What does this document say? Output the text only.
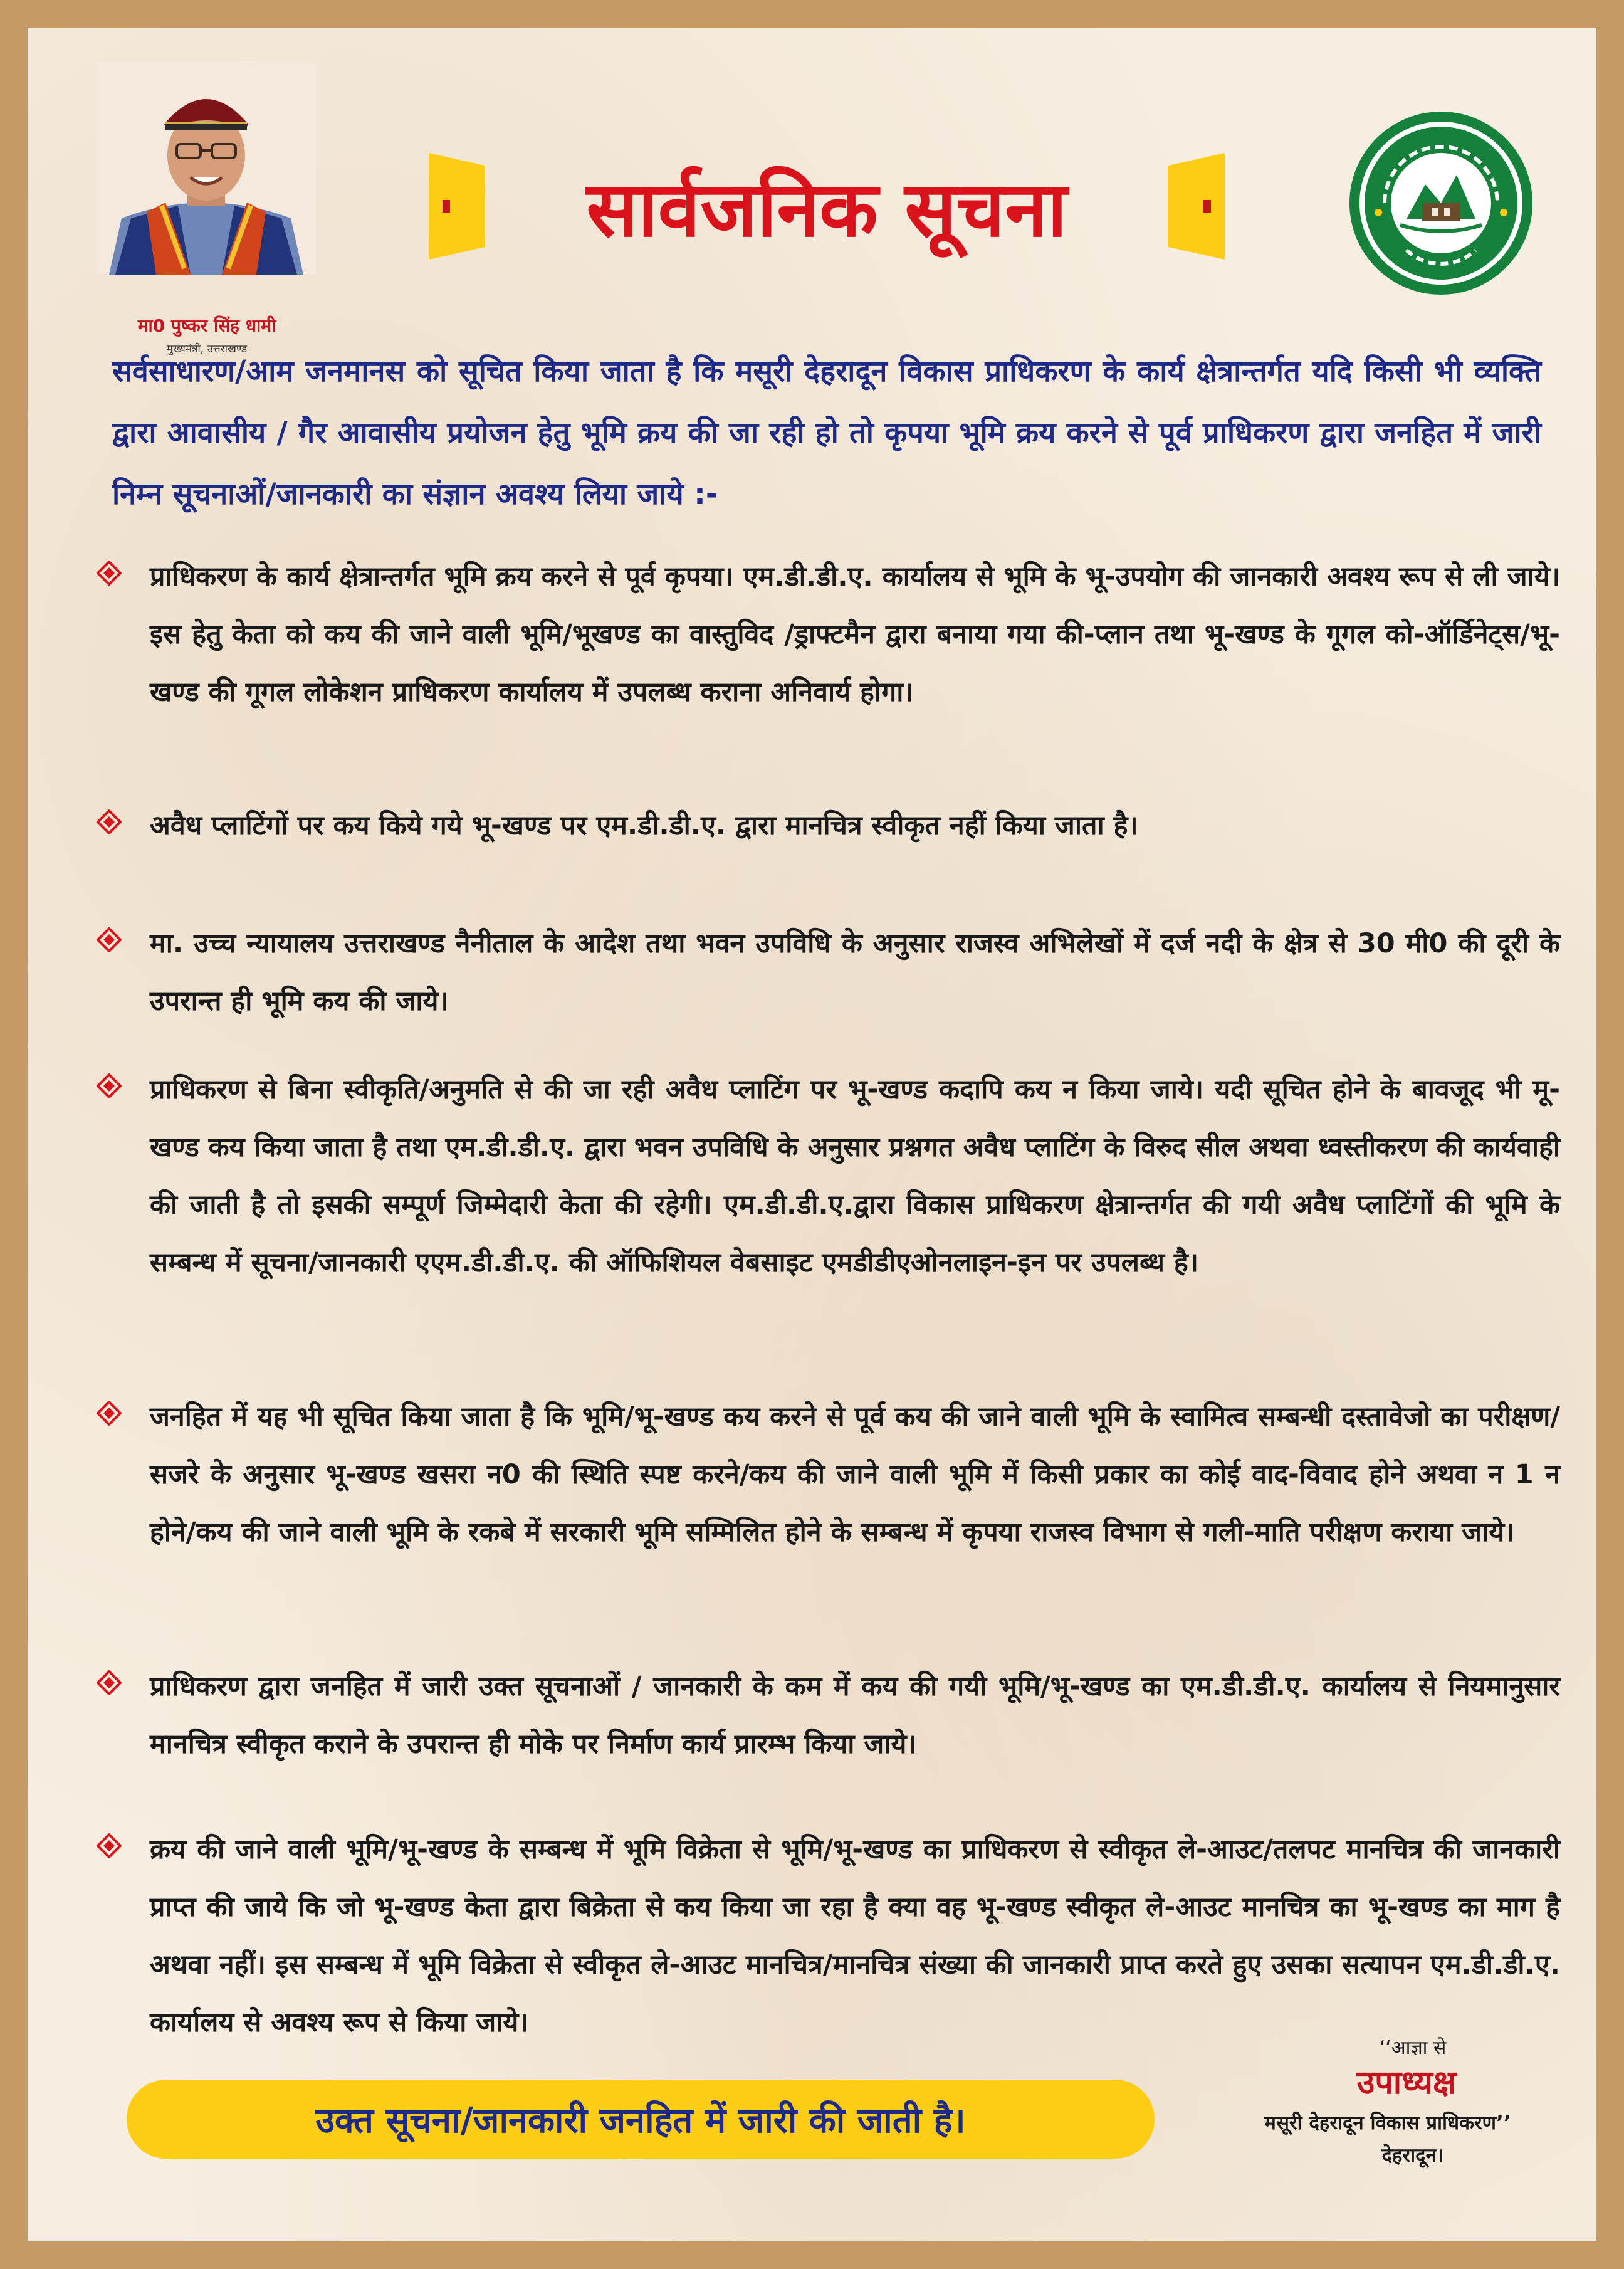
मा0 पुष्कर सिंह धामी
मुख्यमंत्री, उत्तराखण्ड
सार्वजनिक सूचना
सर्वसाधारण/आम जनमानस को सूचित किया जाता है कि मसूरी देहरादून विकास प्राधिकरण के कार्य क्षेत्रान्तर्गत यदि किसी भी व्यक्ति द्वारा आवासीय / गैर आवासीय प्रयोजन हेतु भूमि क्रय की जा रही हो तो कृपया भूमि क्रय करने से पूर्व प्राधिकरण द्वारा जनहित में जारी निम्न सूचनाओं/जानकारी का संज्ञान अवश्य लिया जाये :-
प्राधिकरण के कार्य क्षेत्रान्तर्गत भूमि क्रय करने से पूर्व कृपया। एम.डी.डी.ए. कार्यालय से भूमि के भू-उपयोग की जानकारी अवश्य रूप से ली जाये। इस हेतु केता को कय की जाने वाली भूमि/भूखण्ड का वास्तुविद /ड्राफ्टमैन द्वारा बनाया गया की-प्लान तथा भू-खण्ड के गूगल को-ऑर्डिनेट्स/भू-खण्ड की गूगल लोकेशन प्राधिकरण कार्यालय में उपलब्ध कराना अनिवार्य होगा।
अवैध प्लाटिंगों पर कय किये गये भू-खण्ड पर एम.डी.डी.ए. द्वारा मानचित्र स्वीकृत नहीं किया जाता है।
मा. उच्च न्यायालय उत्तराखण्ड नैनीताल के आदेश तथा भवन उपविधि के अनुसार राजस्व अभिलेखों में दर्ज नदी के क्षेत्र से 30 मी0 की दूरी के उपरान्त ही भूमि कय की जाये।
प्राधिकरण से बिना स्वीकृति/अनुमति से की जा रही अवैध प्लाटिंग पर भू-खण्ड कदापि कय न किया जाये। यदी सूचित होने के बावजूद भी मू-खण्ड कय किया जाता है तथा एम.डी.डी.ए. द्वारा भवन उपविधि के अनुसार प्रश्नगत अवैध प्लाटिंग के विरुद सील अथवा ध्वस्तीकरण की कार्यवाही की जाती है तो इसकी सम्पूर्ण जिम्मेदारी केता की रहेगी। एम.डी.डी.ए.द्वारा विकास प्राधिकरण क्षेत्रान्तर्गत की गयी अवैध प्लाटिंगों की भूमि के सम्बन्ध में सूचना/जानकारी एएम.डी.डी.ए. की ऑफिशियल वेबसाइट एमडीडीएओनलाइन-इन पर उपलब्ध है।
जनहित में यह भी सूचित किया जाता है कि भूमि/भू-खण्ड कय करने से पूर्व कय की जाने वाली भूमि के स्वामित्व सम्बन्धी दस्तावेजो का परीक्षण/सजरे के अनुसार भू-खण्ड खसरा न0 की स्थिति स्पष्ट करने/कय की जाने वाली भूमि में किसी प्रकार का कोई वाद-विवाद होने अथवा न 1 न होने/कय की जाने वाली भूमि के रकबे में सरकारी भूमि सम्मिलित होने के सम्बन्ध में कृपया राजस्व विभाग से गली-माति परीक्षण कराया जाये।
प्राधिकरण द्वारा जनहित में जारी उक्त सूचनाओं / जानकारी के कम में कय की गयी भूमि/भू-खण्ड का एम.डी.डी.ए. कार्यालय से नियमानुसार मानचित्र स्वीकृत कराने के उपरान्त ही मोके पर निर्माण कार्य प्रारम्भ किया जाये।
क्रय की जाने वाली भूमि/भू-खण्ड के सम्बन्ध में भूमि विक्रेता से भूमि/भू-खण्ड का प्राधिकरण से स्वीकृत ले-आउट/तलपट मानचित्र की जानकारी प्राप्त की जाये कि जो भू-खण्ड केता द्वारा बिक्रेता से कय किया जा रहा है क्या वह भू-खण्ड स्वीकृत ले-आउट मानचित्र का भू-खण्ड का माग है अथवा नहीं। इस सम्बन्ध में भूमि विक्रेता से स्वीकृत ले-आउट मानचित्र/मानचित्र संख्या की जानकारी प्राप्त करते हुए उसका सत्यापन एम.डी.डी.ए. कार्यालय से अवश्य रूप से किया जाये।
उक्त सूचना/जानकारी जनहित में जारी की जाती है।
‘‘आज्ञा से
उपाध्यक्ष
मसूरी देहरादून विकास प्राधिकरण’’
देहरादून।
